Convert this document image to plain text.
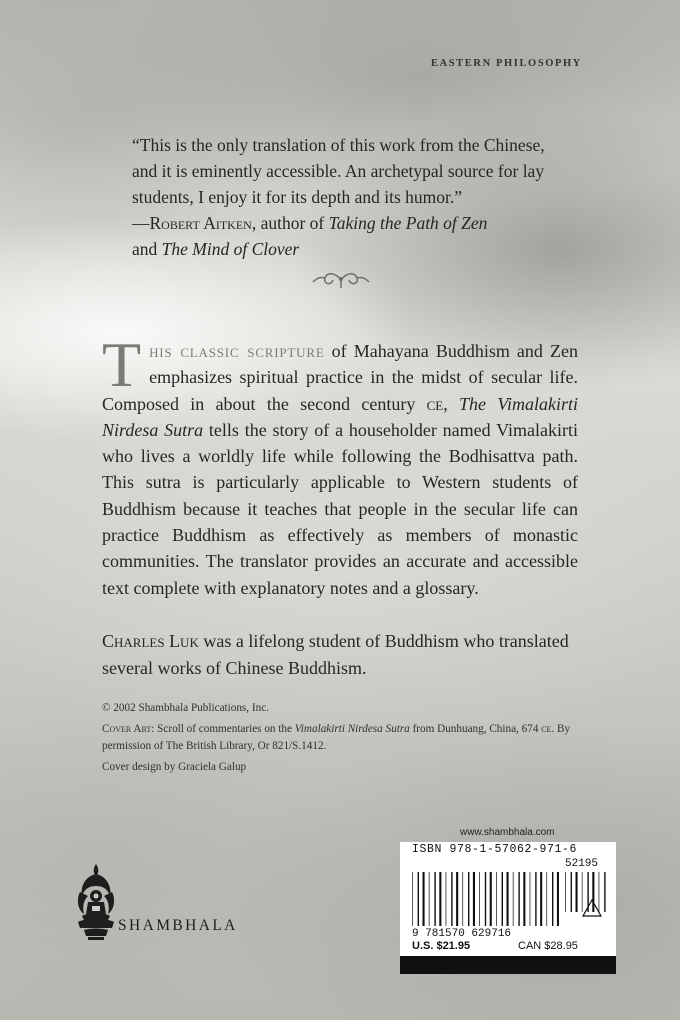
EASTERN PHILOSOPHY

“This is the only translation of this work from the Chinese, and it is eminently accessible. An archetypal source for lay students, I enjoy it for its depth and its humor.”

—Robert Aitken, author of Taking the Path of Zen

and The Mind of Clover

This classic scripture of Mahayana Buddhism and Zen emphasizes spiritual practice in the midst of secular life. Composed in about the second century ce, The Vimalakirti Nirdesa Sutra tells the story of a householder named Vimalakirti who lives a worldly life while following the Bodhisattva path. This sutra is particularly applicable to Western students of Buddhism because it teaches that people in the secular life can practice Buddhism as effectively as members of monastic communities. The translator provides an accurate and accessible text complete with explanatory notes and a glossary.

Charles Luk was a lifelong student of Buddhism who translated several works of Chinese Buddhism.

© 2002 Shambhala Publications, Inc.

Cover Art: Scroll of commentaries on the Vimalakirti Nirdesa Sutra from Dunhuang, China, 674 ce. By permission of The British Library, Or 821/S.1412.

Cover design by Graciela Galup

www.shambhala.com
ISBN 978-1-57062-971-6
52195
9 781570 629716
U.S. $21.95	CAN $28.95
SHAMBHALA
